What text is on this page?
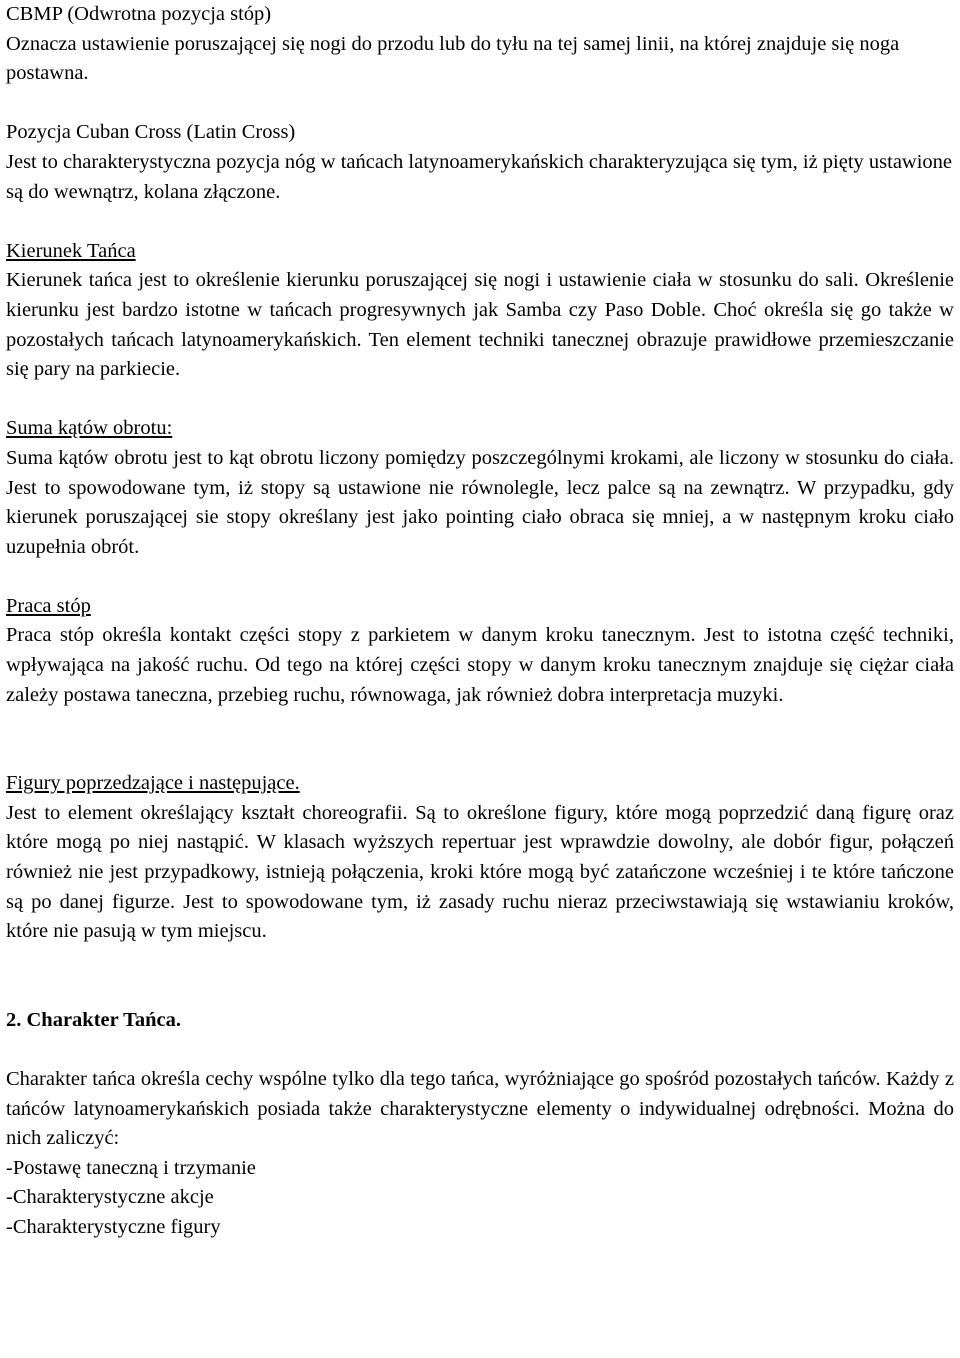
CBMP (Odwrotna pozycja stóp)

Oznacza ustawienie poruszającej się nogi do przodu lub do tyłu na tej samej linii, na której znajduje się noga postawna.

Pozycja Cuban Cross (Latin Cross)

Jest to charakterystyczna pozycja nóg w tańcach latynoamerykańskich charakteryzująca się tym, iż pięty ustawione są do wewnątrz, kolana złączone.

Kierunek Tańca

Kierunek tańca jest to określenie kierunku poruszającej się nogi i ustawienie ciała w stosunku do sali. Określenie kierunku jest bardzo istotne w tańcach progresywnych jak Samba czy Paso Doble. Choć określa się go także w pozostałych tańcach latynoamerykańskich. Ten element techniki tanecznej obrazuje prawidłowe przemieszczanie się pary na parkiecie.

Suma kątów obrotu:

Suma kątów obrotu jest to kąt obrotu liczony pomiędzy poszczególnymi krokami, ale liczony w stosunku do ciała. Jest to spowodowane tym, iż stopy są ustawione nie równolegle, lecz palce są na zewnątrz. W przypadku, gdy kierunek poruszającej sie stopy określany jest jako pointing ciało obraca się mniej, a w następnym kroku ciało uzupełnia obrót.

Praca stóp

Praca stóp określa kontakt części stopy z parkietem w danym kroku tanecznym. Jest to istotna część techniki, wpływająca na jakość ruchu. Od tego na której części stopy w danym kroku tanecznym znajduje się ciężar ciała zależy postawa taneczna, przebieg ruchu, równowaga, jak również dobra interpretacja muzyki.

Figury poprzedzające i następujące.

Jest to element określający kształt choreografii. Są to określone figury, które mogą poprzedzić daną figurę oraz które mogą po niej nastąpić. W klasach wyższych repertuar jest wprawdzie dowolny, ale dobór figur, połączeń również nie jest przypadkowy, istnieją połączenia, kroki które mogą być zatańczone wcześniej i te które tańczone są po danej figurze. Jest to spowodowane tym, iż zasady ruchu nieraz przeciwstawiają się wstawianiu kroków, które nie pasują w tym miejscu.

2. Charakter Tańca.

Charakter tańca określa cechy wspólne tylko dla tego tańca, wyróżniające go spośród pozostałych tańców. Każdy z tańców latynoamerykańskich posiada także charakterystyczne elementy o indywidualnej odrębności. Można do nich zaliczyć:

-Postawę taneczną i trzymanie

-Charakterystyczne akcje

-Charakterystyczne figury
